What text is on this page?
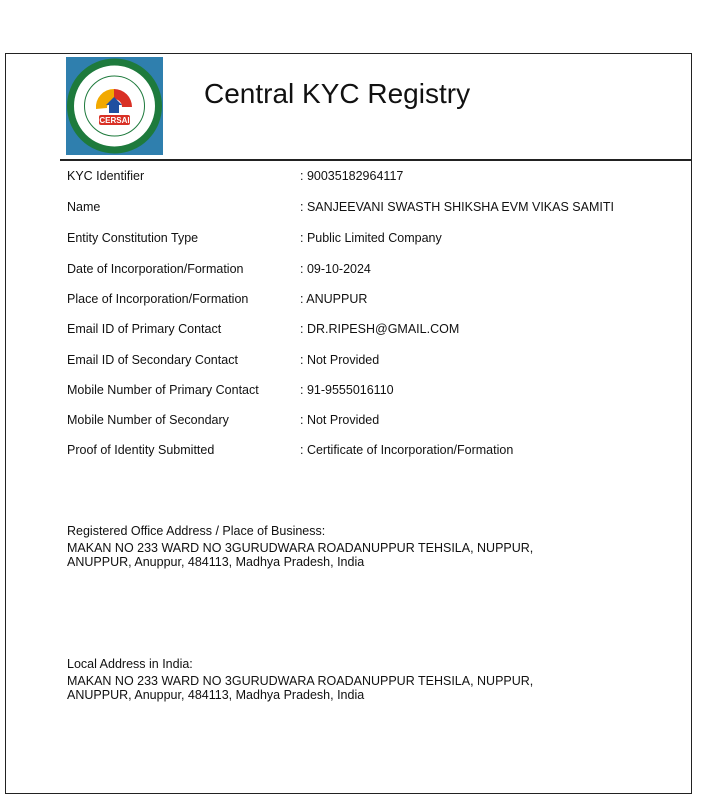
CERSAI
Central KYC Registry
KYC Identifier	: 90035182964117
Name	: SANJEEVANI SWASTH SHIKSHA EVM VIKAS SAMITI
Entity Constitution Type	: Public Limited Company
Date of Incorporation/Formation	: 09-10-2024
Place of Incorporation/Formation	: ANUPPUR
Email ID of Primary Contact	: DR.RIPESH@GMAIL.COM
Email ID of Secondary Contact	: Not Provided
Mobile Number of Primary Contact	: 91-9555016110
Mobile Number of Secondary	: Not Provided
Proof of Identity Submitted	: Certificate of Incorporation/Formation
Registered Office Address / Place of Business:
MAKAN NO 233 WARD NO 3GURUDWARA ROADANUPPUR TEHSILA, NUPPUR,
ANUPPUR, Anuppur, 484113, Madhya Pradesh, India
Local Address in India:
MAKAN NO 233 WARD NO 3GURUDWARA ROADANUPPUR TEHSILA, NUPPUR,
ANUPPUR, Anuppur, 484113, Madhya Pradesh, India
